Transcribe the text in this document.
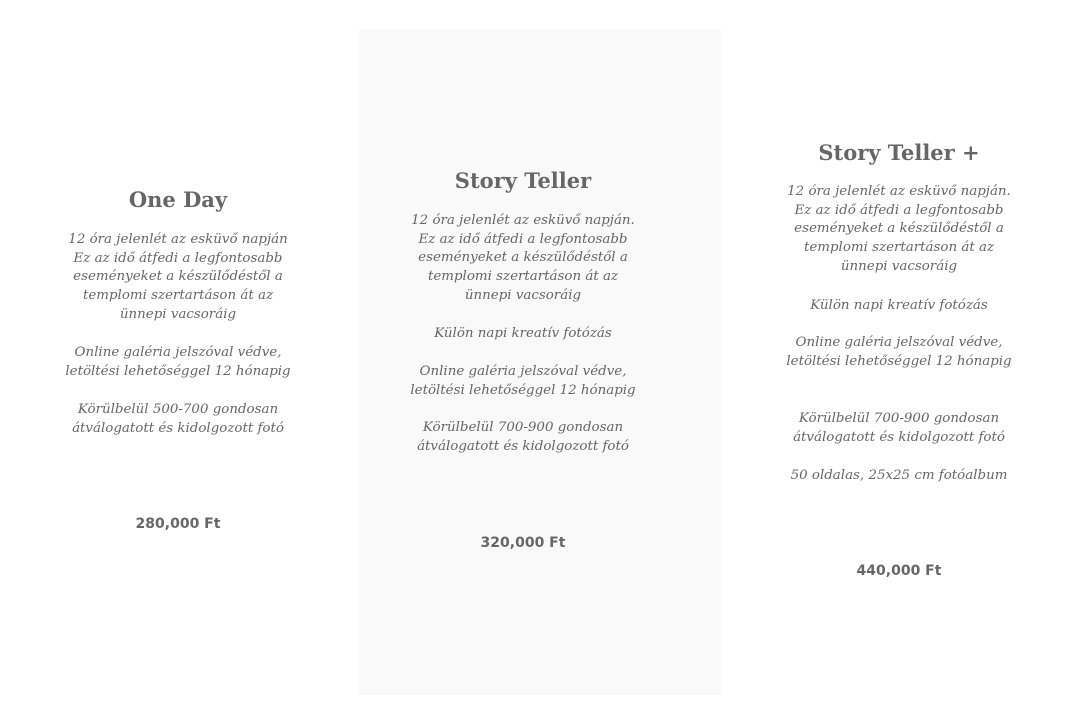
One Day

12 óra jelenlét az esküvő napján
Ez az idő átfedi a legfontosabb
eseményeket a készülődéstől a
templomi szertartáson át az
ünnepi vacsoráig

Online galéria jelszóval védve,
letöltési lehetőséggel 12 hónapig

Körülbelül 500-700 gondosan
átválogatott és kidolgozott fotó

280,000 Ft
Story Teller

12 óra jelenlét az esküvő napján.
Ez az idő átfedi a legfontosabb
eseményeket a készülődéstől a
templomi szertartáson át az
ünnepi vacsoráig

Külön napi kreatív fotózás

Online galéria jelszóval védve,
letöltési lehetőséggel 12 hónapig

Körülbelül 700-900 gondosan
átválogatott és kidolgozott fotó

320,000 Ft
Story Teller +

12 óra jelenlét az esküvő napján.
Ez az idő átfedi a legfontosabb
eseményeket a készülődéstől a
templomi szertartáson át az
ünnepi vacsoráig

Külön napi kreatív fotózás

Online galéria jelszóval védve,
letöltési lehetőséggel 12 hónapig

Körülbelül 700-900 gondosan
átválogatott és kidolgozott fotó

50 oldalas, 25x25 cm fotóalbum

440,000 Ft
